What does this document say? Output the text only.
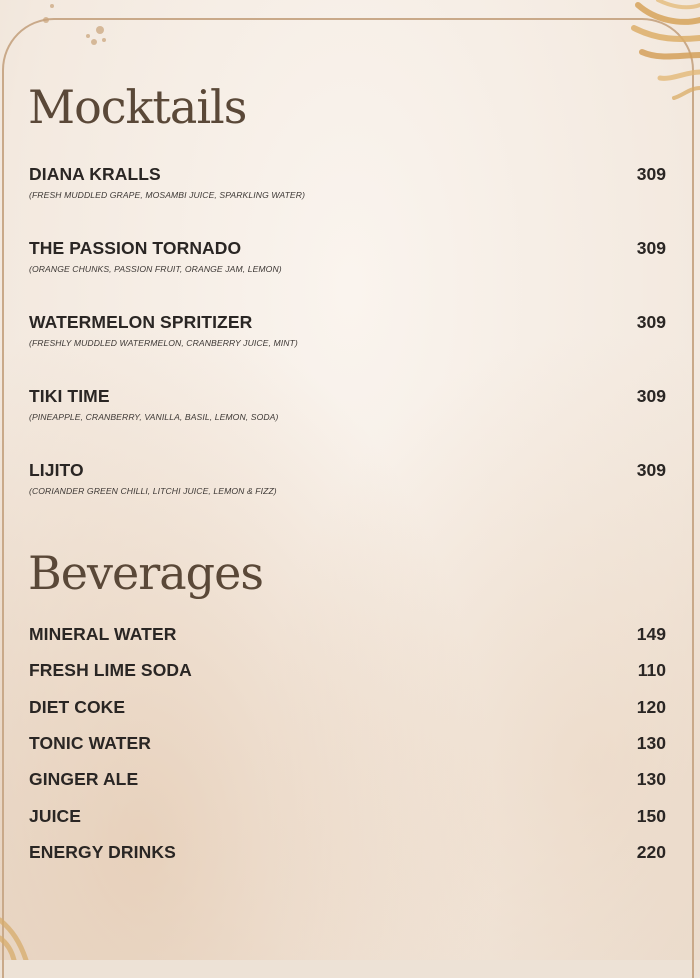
Mocktails
DIANA KRALLS
(FRESH MUDDLED GRAPE, MOSAMBI JUICE, SPARKLING WATER)
309
THE PASSION TORNADO
(ORANGE CHUNKS, PASSION FRUIT, ORANGE JAM, LEMON)
309
WATERMELON SPRITIZER
(FRESHLY MUDDLED WATERMELON, CRANBERRY JUICE, MINT)
309
TIKI TIME
(PINEAPPLE, CRANBERRY, VANILLA, BASIL, LEMON, SODA)
309
LIJITO
(CORIANDER GREEN CHILLI, LITCHI JUICE, LEMON & FIZZ)
309
Beverages
MINERAL WATER	149
FRESH LIME SODA	110
DIET COKE	120
TONIC WATER	130
GINGER ALE	130
JUICE	150
ENERGY DRINKS	220
